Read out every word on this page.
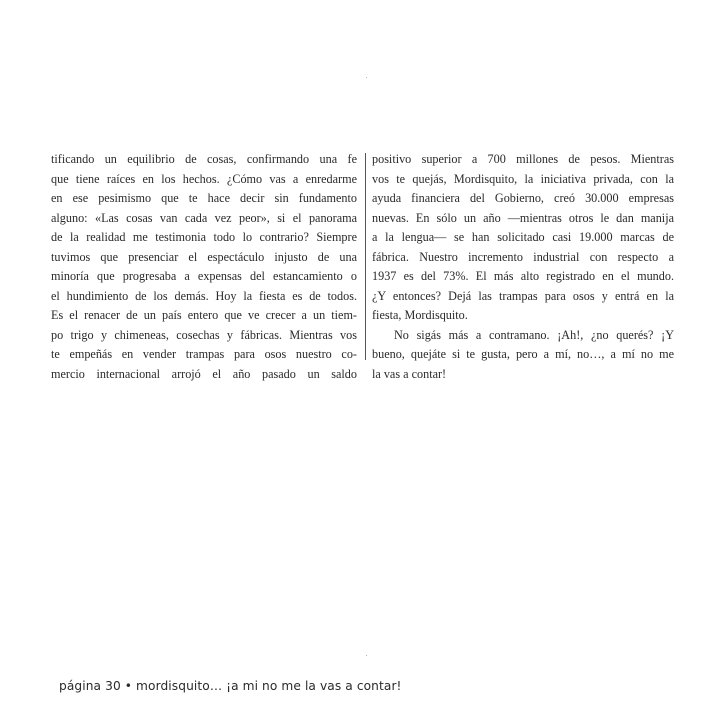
tificando un equilibrio de cosas, confirmando una fe
que tiene raíces en los hechos. ¿Cómo vas a enredarme
en ese pesimismo que te hace decir sin fundamento
alguno: «Las cosas van cada vez peor», si el panorama
de la realidad me testimonia todo lo contrario? Siempre
tuvimos que presenciar el espectáculo injusto de una
minoría que progresaba a expensas del estancamiento o
el hundimiento de los demás. Hoy la fiesta es de todos.
Es el renacer de un país entero que ve crecer a un tiem-
po trigo y chimeneas, cosechas y fábricas. Mientras vos
te empeñás en vender trampas para osos nuestro co-
mercio internacional arrojó el año pasado un saldo
positivo superior a 700 millones de pesos. Mientras
vos te quejás, Mordisquito, la iniciativa privada, con la
ayuda financiera del Gobierno, creó 30.000 empresas
nuevas. En sólo un año —mientras otros le dan manija
a la lengua— se han solicitado casi 19.000 marcas de
fábrica. Nuestro incremento industrial con respecto a
1937 es del 73%. El más alto registrado en el mundo.
¿Y entonces? Dejá las trampas para osos y entrá en la
fiesta, Mordisquito.
No sigás más a contramano. ¡Ah!, ¿no querés? ¡Y
bueno, quejáte si te gusta, pero a mí, no…, a mí no me
la vas a contar!
página 30 • mordisquito… ¡a mi no me la vas a contar!
